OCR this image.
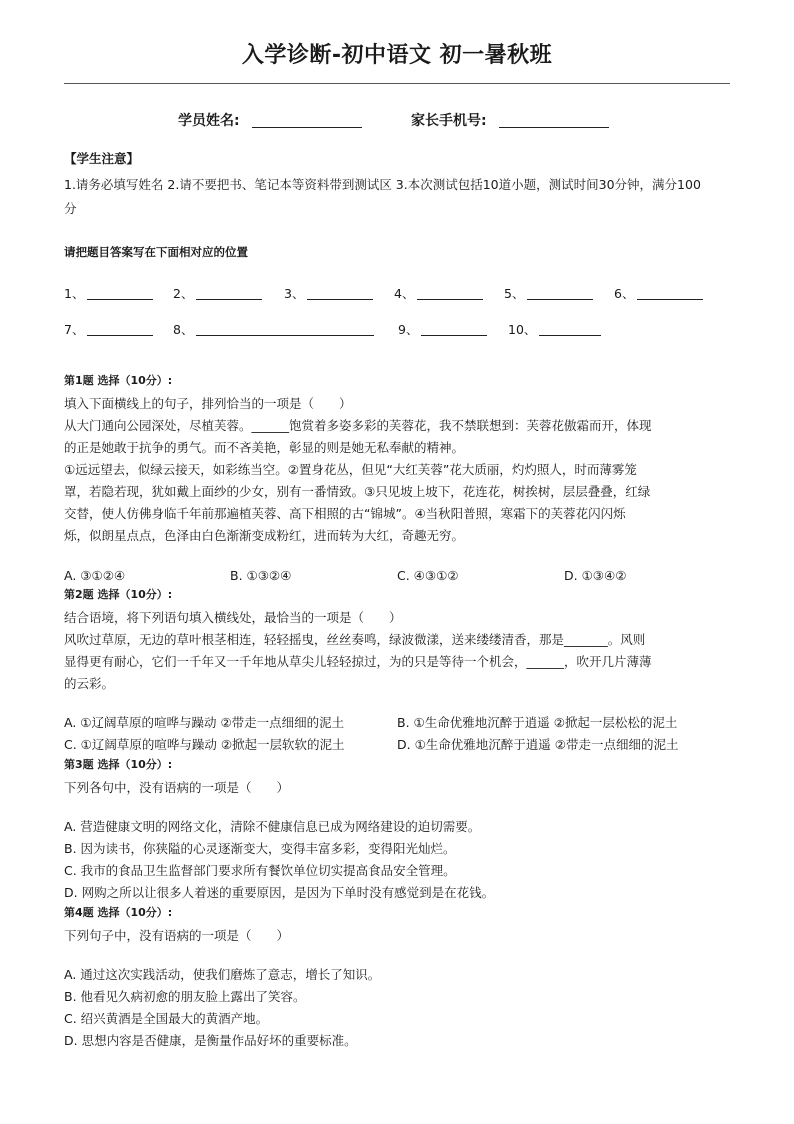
入学诊断-初中语文 初一暑秋班
学员姓名:	家长手机号:
【学生注意】
1.请务必填写姓名 2.请不要把书、笔记本等资料带到测试区 3.本次测试包括10道小题，测试时间30分钟，满分100
分
请把题目答案写在下面相对应的位置
1、	2、	3、	4、	5、	6、
7、	8、	9、	10、
第1题 选择（10分）:
填入下面横线上的句子，排列恰当的一项是（　　）
从大门通向公园深处，尽植芙蓉。______饱赏着多姿多彩的芙蓉花，我不禁联想到：芙蓉花傲霜而开，体现
的正是她敢于抗争的勇气。而不吝美艳，彰显的则是她无私奉献的精神。
①远远望去，似绿云接天，如彩练当空。②置身花丛，但见“大红芙蓉”花大质丽，灼灼照人，时而薄雾笼
罩，若隐若现，犹如戴上面纱的少女，别有一番情致。③只见坡上坡下，花连花，树挨树，层层叠叠，红绿
交替，使人仿佛身临千年前那遍植芙蓉、高下相照的古“锦城”。④当秋阳普照，寒霜下的芙蓉花闪闪烁
烁，似朗星点点，色泽由白色渐渐变成粉红，进而转为大红，奇趣无穷。
A. ③①②④	B. ①③②④	C. ④③①②	D. ①③④②
第2题 选择（10分）:
结合语境，将下列语句填入横线处，最恰当的一项是（　　）
风吹过草原，无边的草叶根茎相连，轻轻摇曳，丝丝奏鸣，绿波微漾，送来缕缕清香，那是_______。风则
显得更有耐心，它们一千年又一千年地从草尖儿轻轻掠过，为的只是等待一个机会，______，吹开几片薄薄
的云彩。
A. ①辽阔草原的喧哗与躁动 ②带走一点细细的泥土	B. ①生命优雅地沉醉于逍遥 ②掀起一层松松的泥土
C. ①辽阔草原的喧哗与躁动 ②掀起一层软软的泥土	D. ①生命优雅地沉醉于逍遥 ②带走一点细细的泥土
第3题 选择（10分）:
下列各句中，没有语病的一项是（　　）
A. 营造健康文明的网络文化，清除不健康信息已成为网络建设的迫切需要。
B. 因为读书，你狭隘的心灵逐渐变大，变得丰富多彩，变得阳光灿烂。
C. 我市的食品卫生监督部门要求所有餐饮单位切实提高食品安全管理。
D. 网购之所以让很多人着迷的重要原因，是因为下单时没有感觉到是在花钱。
第4题 选择（10分）:
下列句子中，没有语病的一项是（　　）
A. 通过这次实践活动，使我们磨炼了意志，增长了知识。
B. 他看见久病初愈的朋友脸上露出了笑容。
C. 绍兴黄酒是全国最大的黄酒产地。
D. 思想内容是否健康，是衡量作品好坏的重要标准。
